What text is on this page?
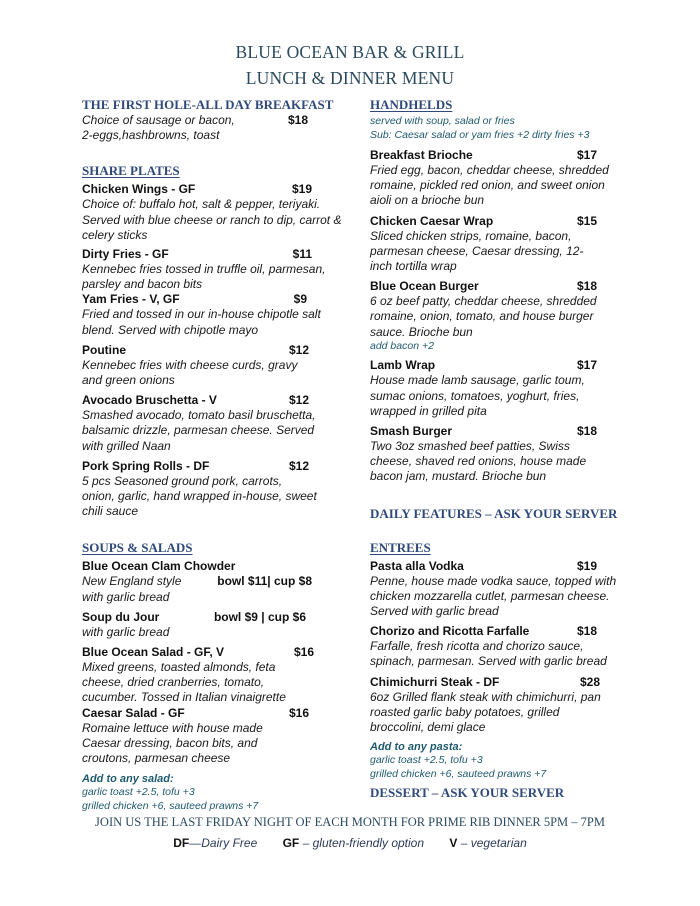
BLUE OCEAN BAR & GRILL
LUNCH & DINNER MENU
THE FIRST HOLE-ALL DAY BREAKFAST
Choice of sausage or bacon,
2-eggs,hashbrowns, toast
$18
SHARE PLATES
Chicken Wings - GF	$19
Choice of: buffalo hot, salt & pepper, teriyaki. Served with blue cheese or ranch to dip, carrot & celery sticks
Dirty Fries - GF	$11
Kennebec fries tossed in truffle oil, parmesan, parsley and bacon bits
Yam Fries - V, GF	$9
Fried and tossed in our in-house chipotle salt blend. Served with chipotle mayo
Poutine	$12
Kennebec fries with cheese curds, gravy and green onions
Avocado Bruschetta - V	$12
Smashed avocado, tomato basil bruschetta, balsamic drizzle, parmesan cheese. Served with grilled Naan
Pork Spring Rolls - DF	$12
5 pcs Seasoned ground pork, carrots, onion, garlic, hand wrapped in-house, sweet chili sauce
SOUPS & SALADS
Blue Ocean Clam Chowder
New England style	bowl $11| cup $8
with garlic bread
Soup du Jour	bowl $9 | cup $6
with garlic bread
Blue Ocean Salad - GF, V	$16
Mixed greens, toasted almonds, feta cheese, dried cranberries, tomato, cucumber. Tossed in Italian vinaigrette
Caesar Salad - GF	$16
Romaine lettuce with house made Caesar dressing, bacon bits, and croutons, parmesan cheese
Add to any salad:
garlic toast +2.5, tofu +3
grilled chicken +6, sauteed prawns +7
HANDHELDS
served with soup, salad or fries
Sub: Caesar salad or yam fries +2 dirty fries +3
Breakfast Brioche	$17
Fried egg, bacon, cheddar cheese, shredded romaine, pickled red onion, and sweet onion aioli on a brioche bun
Chicken Caesar Wrap	$15
Sliced chicken strips, romaine, bacon, parmesan cheese, Caesar dressing, 12-inch tortilla wrap
Blue Ocean Burger	$18
6 oz beef patty, cheddar cheese, shredded romaine, onion, tomato, and house burger sauce. Brioche bun
add bacon +2
Lamb Wrap	$17
House made lamb sausage, garlic toum, sumac onions, tomatoes, yoghurt, fries, wrapped in grilled pita
Smash Burger	$18
Two 3oz smashed beef patties, Swiss cheese, shaved red onions, house made bacon jam, mustard. Brioche bun
DAILY FEATURES – ASK YOUR SERVER
ENTREES
Pasta alla Vodka	$19
Penne, house made vodka sauce, topped with chicken mozzarella cutlet, parmesan cheese. Served with garlic bread
Chorizo and Ricotta Farfalle	$18
Farfalle, fresh ricotta and chorizo sauce, spinach, parmesan. Served with garlic bread
Chimichurri Steak - DF	$28
6oz Grilled flank steak with chimichurri, pan roasted garlic baby potatoes, grilled broccolini, demi glace
Add to any pasta:
garlic toast +2.5, tofu +3
grilled chicken +6, sauteed prawns +7
DESSERT – ASK YOUR SERVER
JOIN US THE LAST FRIDAY NIGHT OF EACH MONTH FOR PRIME RIB DINNER 5PM – 7PM
DF—Dairy Free GF – gluten-friendly option V – vegetarian
